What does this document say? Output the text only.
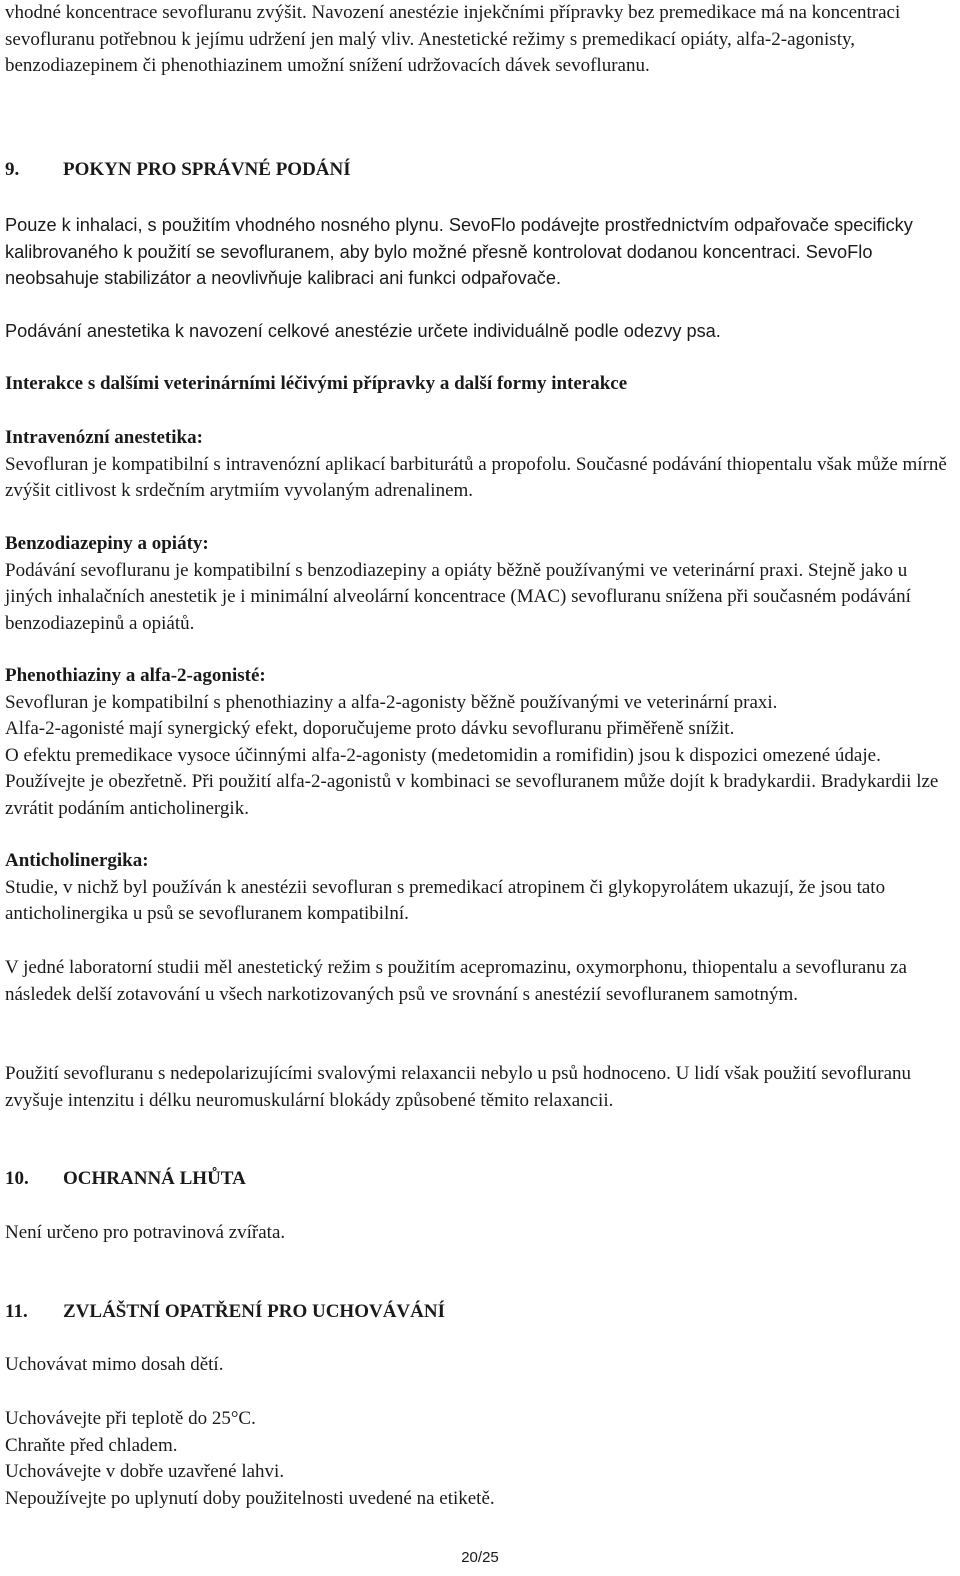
vhodné koncentrace sevofluranu zvýšit. Navození anestézie injekčními přípravky bez premedikace má na koncentraci sevofluranu potřebnou k jejímu udržení jen malý vliv. Anestetické režimy s premedikací opiáty, alfa-2-agonisty, benzodiazepinem či phenothiazinem umožní snížení udržovacích dávek sevofluranu.

9. POKYN PRO SPRÁVNÉ PODÁNÍ

Pouze k inhalaci, s použitím vhodného nosného plynu. SevoFlo podávejte prostřednictvím odpařovače specificky kalibrovaného k použití se sevofluranem, aby bylo možné přesně kontrolovat dodanou koncentraci. SevoFlo neobsahuje stabilizátor a neovlivňuje kalibraci ani funkci odpařovače.

Podávání anestetika k navození celkové anestézie určete individuálně podle odezvy psa.

Interakce s dalšími veterinárními léčivými přípravky a další formy interakce

Intravenózní anestetika:

Sevofluran je kompatibilní s intravenózní aplikací barbiturátů a propofolu. Současné podávání thiopentalu však může mírně zvýšit citlivost k srdečním arytmiím vyvolaným adrenalinem.

Benzodiazepiny a opiáty:

Podávání sevofluranu je kompatibilní s benzodiazepiny a opiáty běžně používanými ve veterinární praxi. Stejně jako u jiných inhalačních anestetik je i minimální alveolární koncentrace (MAC) sevofluranu snížena při současném podávání benzodiazepinů a opiátů.

Phenothiaziny a alfa-2-agonisté:

Sevofluran je kompatibilní s phenothiaziny a alfa-2-agonisty běžně používanými ve veterinární praxi.

Alfa-2-agonisté mají synergický efekt, doporučujeme proto dávku sevofluranu přiměřeně snížit.

O efektu premedikace vysoce účinnými alfa-2-agonisty (medetomidin a romifidin) jsou k dispozici omezené údaje. Používejte je obezřetně. Při použití alfa-2-agonistů v kombinaci se sevofluranem může dojít k bradykardii. Bradykardii lze zvrátit podáním anticholinergik.

Anticholinergika:

Studie, v nichž byl používán k anestézii sevofluran s premedikací atropinem či glykopyrolátem ukazují, že jsou tato anticholinergika u psů se sevofluranem kompatibilní.

V jedné laboratorní studii měl anestetický režim s použitím acepromazinu, oxymorphonu, thiopentalu a sevofluranu za následek delší zotavování u všech narkotizovaných psů ve srovnání s anestézií sevofluranem samotným.

Použití sevofluranu s nedepolarizujícími svalovými relaxancii nebylo u psů hodnoceno. U lidí však použití sevofluranu zvyšuje intenzitu i délku neuromuskulární blokády způsobené těmito relaxancii.

10. OCHRANNÁ LHŮTA

Není určeno pro potravinová zvířata.

11. ZVLÁŠTNÍ OPATŘENÍ PRO UCHOVÁVÁNÍ

Uchovávat mimo dosah dětí.

Uchovávejte při teplotě do 25°C.

Chraňte před chladem.

Uchovávejte v dobře uzavřené lahvi.

Nepoužívejte po uplynutí doby použitelnosti uvedené na etiketě.

20/25
